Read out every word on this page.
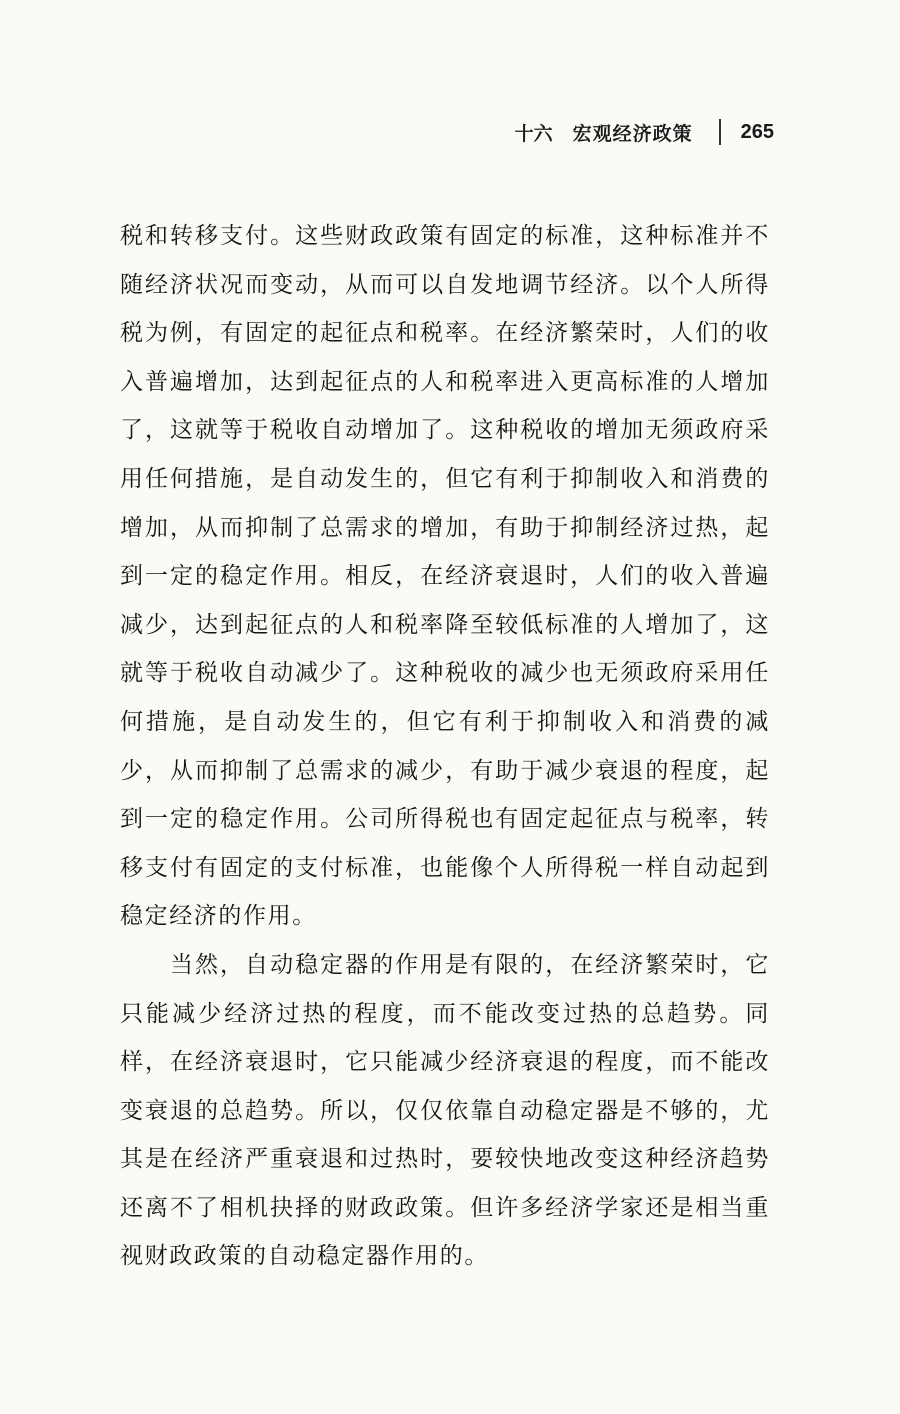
十六 宏观经济政策 265

税和转移支付。这些财政政策有固定的标准，这种标准并不随经济状况而变动，从而可以自发地调节经济。以个人所得税为例，有固定的起征点和税率。在经济繁荣时，人们的收入普遍增加，达到起征点的人和税率进入更高标准的人增加了，这就等于税收自动增加了。这种税收的增加无须政府采用任何措施，是自动发生的，但它有利于抑制收入和消费的增加，从而抑制了总需求的增加，有助于抑制经济过热，起到一定的稳定作用。相反，在经济衰退时，人们的收入普遍减少，达到起征点的人和税率降至较低标准的人增加了，这就等于税收自动减少了。这种税收的减少也无须政府采用任何措施，是自动发生的，但它有利于抑制收入和消费的减少，从而抑制了总需求的减少，有助于减少衰退的程度，起到一定的稳定作用。公司所得税也有固定起征点与税率，转移支付有固定的支付标准，也能像个人所得税一样自动起到稳定经济的作用。

当然，自动稳定器的作用是有限的，在经济繁荣时，它只能减少经济过热的程度，而不能改变过热的总趋势。同样，在经济衰退时，它只能减少经济衰退的程度，而不能改变衰退的总趋势。所以，仅仅依靠自动稳定器是不够的，尤其是在经济严重衰退和过热时，要较快地改变这种经济趋势还离不了相机抉择的财政政策。但许多经济学家还是相当重视财政政策的自动稳定器作用的。
